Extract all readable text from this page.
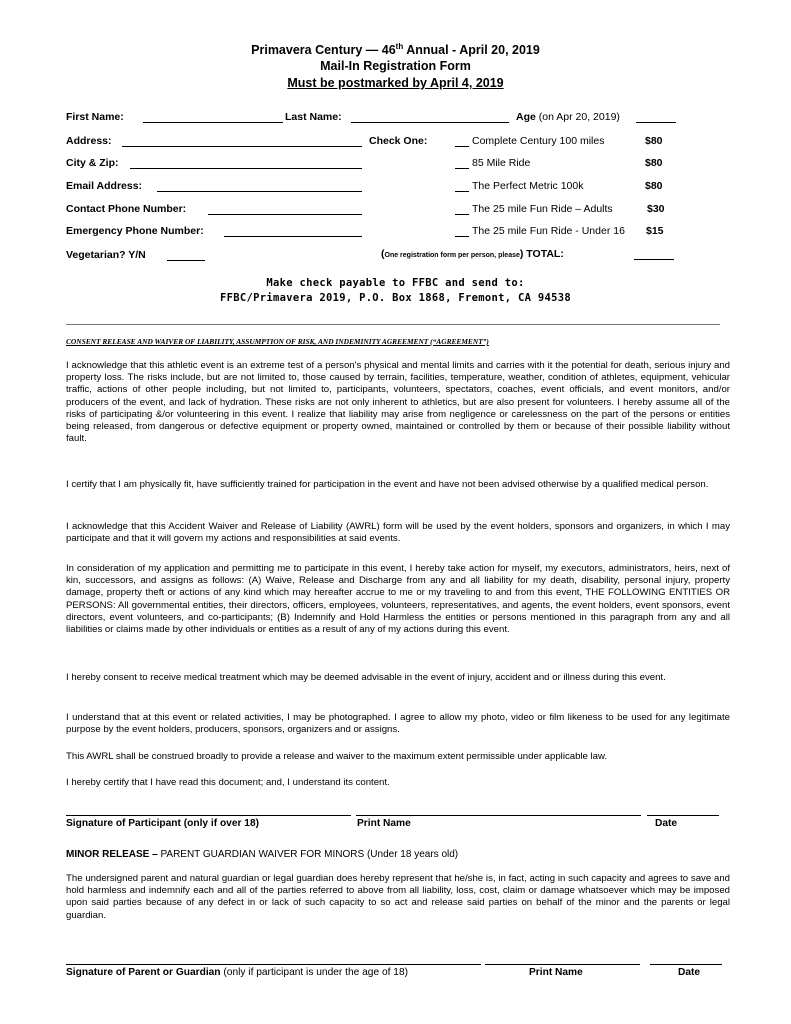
Primavera Century — 46th Annual - April 20, 2019
Mail-In Registration Form
Must be postmarked by April 4, 2019
First Name:	Last Name:	Age (on Apr 20, 2019)
Address:
City & Zip:
Email Address:
Contact Phone Number:
Emergency Phone Number:
Vegetarian? Y/N
Check One:	Complete Century 100 miles	$80
85 Mile Ride	$80
The Perfect Metric 100k	$80
The 25 mile Fun Ride – Adults	$30
The 25 mile Fun Ride - Under 16 $15
(One registration form per person, please) TOTAL:
Make check payable to FFBC and send to:
FFBC/Primavera 2019, P.O. Box 1868, Fremont, CA 94538
CONSENT RELEASE AND WAIVER OF LIABILITY, ASSUMPTION OF RISK, AND INDEMINITY AGREEMENT (“AGREEMENT”)
I acknowledge that this athletic event is an extreme test of a person's physical and mental limits and carries with it the potential for death, serious injury and property loss. The risks include, but are not limited to, those caused by terrain, facilities, temperature, weather, condition of athletes, equipment, vehicular traffic, actions of other people including, but not limited to, participants, volunteers, spectators, coaches, event officials, and event monitors, and/or producers of the event, and lack of hydration. These risks are not only inherent to athletics, but are also present for volunteers. I hereby assume all of the risks of participating &/or volunteering in this event. I realize that liability may arise from negligence or carelessness on the part of the persons or entities being released, from dangerous or defective equipment or property owned, maintained or controlled by them or because of their possible liability without fault.
I certify that I am physically fit, have sufficiently trained for participation in the event and have not been advised otherwise by a qualified medical person.
I acknowledge that this Accident Waiver and Release of Liability (AWRL) form will be used by the event holders, sponsors and organizers, in which I may participate and that it will govern my actions and responsibilities at said events.
In consideration of my application and permitting me to participate in this event, I hereby take action for myself, my executors, administrators, heirs, next of kin, successors, and assigns as follows: (A) Waive, Release and Discharge from any and all liability for my death, disability, personal injury, property damage, property theft or actions of any kind which may hereafter accrue to me or my traveling to and from this event, THE FOLLOWING ENTITIES OR PERSONS: All governmental entities, their directors, officers, employees, volunteers, representatives, and agents, the event holders, event sponsors, event directors, event volunteers, and co-participants; (B) Indemnify and Hold Harmless the entities or persons mentioned in this paragraph from any and all liabilities or claims made by other individuals or entities as a result of any of my actions during this event.
I hereby consent to receive medical treatment which may be deemed advisable in the event of injury, accident and or illness during this event.
I understand that at this event or related activities, I may be photographed. I agree to allow my photo, video or film likeness to be used for any legitimate purpose by the event holders, producers, sponsors, organizers and or assigns.
This AWRL shall be construed broadly to provide a release and waiver to the maximum extent permissible under applicable law.
I hereby certify that I have read this document; and, I understand its content.
Signature of Participant (only if over 18)	Print Name	Date
MINOR RELEASE – PARENT GUARDIAN WAIVER FOR MINORS (Under 18 years old)
The undersigned parent and natural guardian or legal guardian does hereby represent that he/she is, in fact, acting in such capacity and agrees to save and hold harmless and indemnify each and all of the parties referred to above from all liability, loss, cost, claim or damage whatsoever which may be imposed upon said parties because of any defect in or lack of such capacity to so act and release said parties on behalf of the minor and the parents or legal guardian.
Signature of Parent or Guardian (only if participant is under the age of 18)	Print Name	Date
